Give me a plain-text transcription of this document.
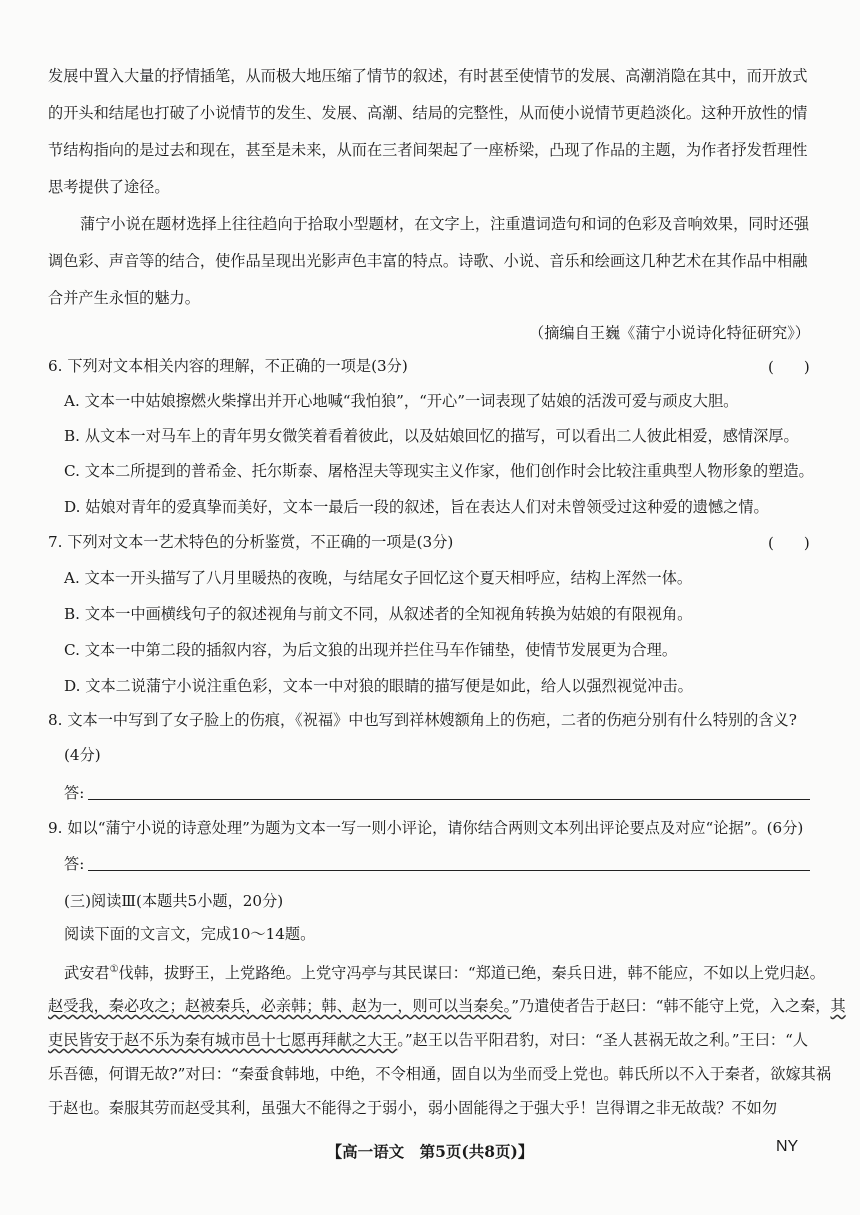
发展中置入大量的抒情插笔，从而极大地压缩了情节的叙述，有时甚至使情节的发展、高潮消隐在其中，而开放式
的开头和结尾也打破了小说情节的发生、发展、高潮、结局的完整性，从而使小说情节更趋淡化。这种开放性的情
节结构指向的是过去和现在，甚至是未来，从而在三者间架起了一座桥梁，凸现了作品的主题，为作者抒发哲理性
思考提供了途径。
蒲宁小说在题材选择上往往趋向于拾取小型题材，在文字上，注重遣词造句和词的色彩及音响效果，同时还强
调色彩、声音等的结合，使作品呈现出光影声色丰富的特点。诗歌、小说、音乐和绘画这几种艺术在其作品中相融
合并产生永恒的魅力。
（摘编自王巍《蒲宁小说诗化特征研究》）
6. 下列对文本相关内容的理解，不正确的一项是(3分)	(　　)
A. 文本一中姑娘擦燃火柴撑出并开心地喊“我怕狼”，“开心”一词表现了姑娘的活泼可爱与顽皮大胆。
B. 从文本一对马车上的青年男女微笑着看着彼此，以及姑娘回忆的描写，可以看出二人彼此相爱，感情深厚。
C. 文本二所提到的普希金、托尔斯泰、屠格涅夫等现实主义作家，他们创作时会比较注重典型人物形象的塑造。
D. 姑娘对青年的爱真挚而美好，文本一最后一段的叙述，旨在表达人们对未曾领受过这种爱的遗憾之情。
7. 下列对文本一艺术特色的分析鉴赏，不正确的一项是(3分)	(　　)
A. 文本一开头描写了八月里暖热的夜晚，与结尾女子回忆这个夏天相呼应，结构上浑然一体。
B. 文本一中画横线句子的叙述视角与前文不同，从叙述者的全知视角转换为姑娘的有限视角。
C. 文本一中第二段的插叙内容，为后文狼的出现并拦住马车作铺垫，使情节发展更为合理。
D. 文本二说蒲宁小说注重色彩，文本一中对狼的眼睛的描写便是如此，给人以强烈视觉冲击。
8. 文本一中写到了女子脸上的伤痕，《祝福》中也写到祥林嫂额角上的伤疤，二者的伤疤分别有什么特别的含义?
(4分)
答:
9. 如以“蒲宁小说的诗意处理”为题为文本一写一则小评论，请你结合两则文本列出评论要点及对应“论据”。(6分)
答:
(三)阅读Ⅲ(本题共5小题，20分)
阅读下面的文言文，完成10～14题。
武安君①伐韩，拔野王，上党路绝。上党守冯亭与其民谋曰：“郑道已绝，秦兵日进，韩不能应，不如以上党归赵。
赵受我，秦必攻之；赵被秦兵，必亲韩；韩、赵为一，则可以当秦矣。”乃遣使者告于赵曰：“韩不能守上党，入之秦，其
吏民皆安于赵不乐为秦有城市邑十七愿再拜献之大王。”赵王以告平阳君豹，对曰：“圣人甚祸无故之利。”王曰：“人
乐吾德，何谓无故?”对曰：“秦蚕食韩地，中绝，不令相通，固自以为坐而受上党也。韩氏所以不入于秦者，欲嫁其祸
于赵也。秦服其劳而赵受其利，虽强大不能得之于弱小，弱小固能得之于强大乎！岂得谓之非无故哉？不如勿
【高一语文　第5页(共8页)】	NY
